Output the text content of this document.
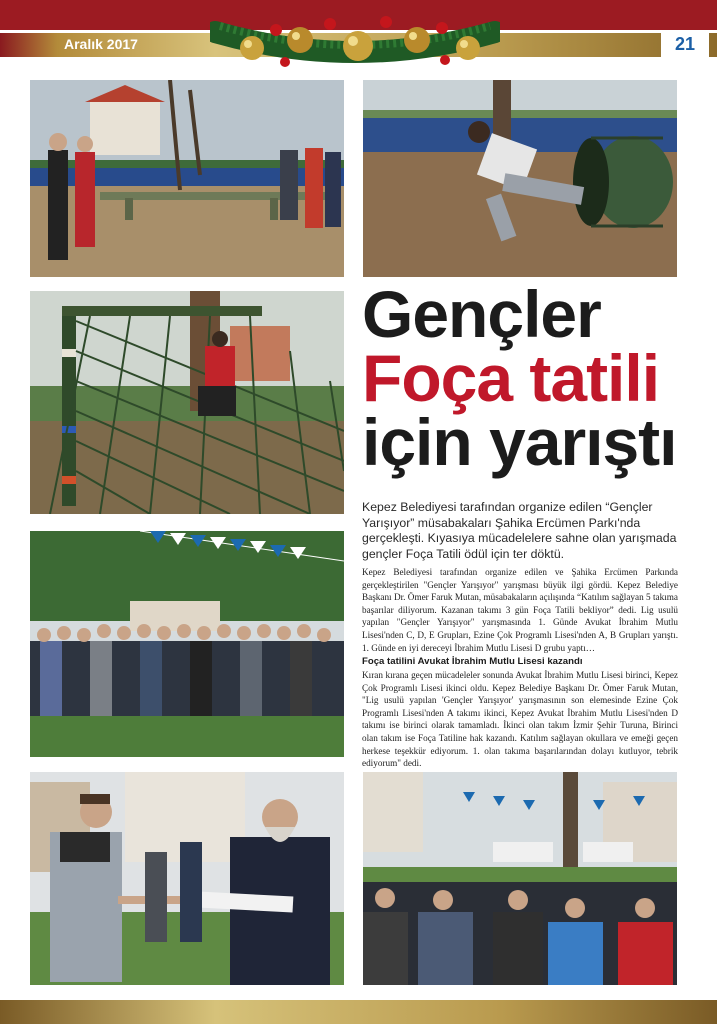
Aralık 2017	21
Gençler
Foça tatili
için yarıştı
Kepez Belediyesi tarafından organize edilen “Gençler Yarışıyor” müsabakaları Şahika Ercümen Parkı'nda gerçekleşti. Kıyasıya mücadelelere sahne olan yarışmada gençler Foça Tatili ödül için ter döktü.
Kepez Belediyesi tarafından organize edilen ve Şahika Ercümen Parkında gerçekleştirilen "Gençler Yarışıyor" yarışması büyük ilgi gördü. Kepez Belediye Başkanı Dr. Ömer Faruk Mutan, müsabakaların açılışında “Katılım sağlayan 5 takıma başarılar diliyorum. Kazanan takımı 3 gün Foça Tatili bekliyor” dedi. Lig usulü yapılan "Gençler Yarışıyor" yarışmasında 1. Günde Avukat İbrahim Mutlu Lisesi'nden C, D, E Grupları, Ezine Çok Programlı Lisesi'nden A, B Grupları yarıştı. 1. Günde en iyi dereceyi İbrahim Mutlu Lisesi D grubu yaptı…
Foça tatilini Avukat İbrahim Mutlu Lisesi kazandı
Kıran kırana geçen mücadeleler sonunda Avukat İbrahim Mutlu Lisesi birinci, Kepez Çok Programlı Lisesi ikinci oldu. Kepez Belediye Başkanı Dr. Ömer Faruk Mutan, "Lig usulü yapılan 'Gençler Yarışıyor' yarışmasının son elemesinde Ezine Çok Programlı Lisesi'nden A takımı ikinci, Kepez Avukat İbrahim Mutlu Lisesi'nden D takımı ise birinci olarak tamamladı. İkinci olan takım İzmir Şehir Turuna, Birinci olan takım ise Foça Tatiline hak kazandı. Katılım sağlayan okullara ve emeği geçen herkese teşekkür ediyorum. 1. olan takıma başarılarından dolayı kutluyor, tebrik ediyorum" dedi.
